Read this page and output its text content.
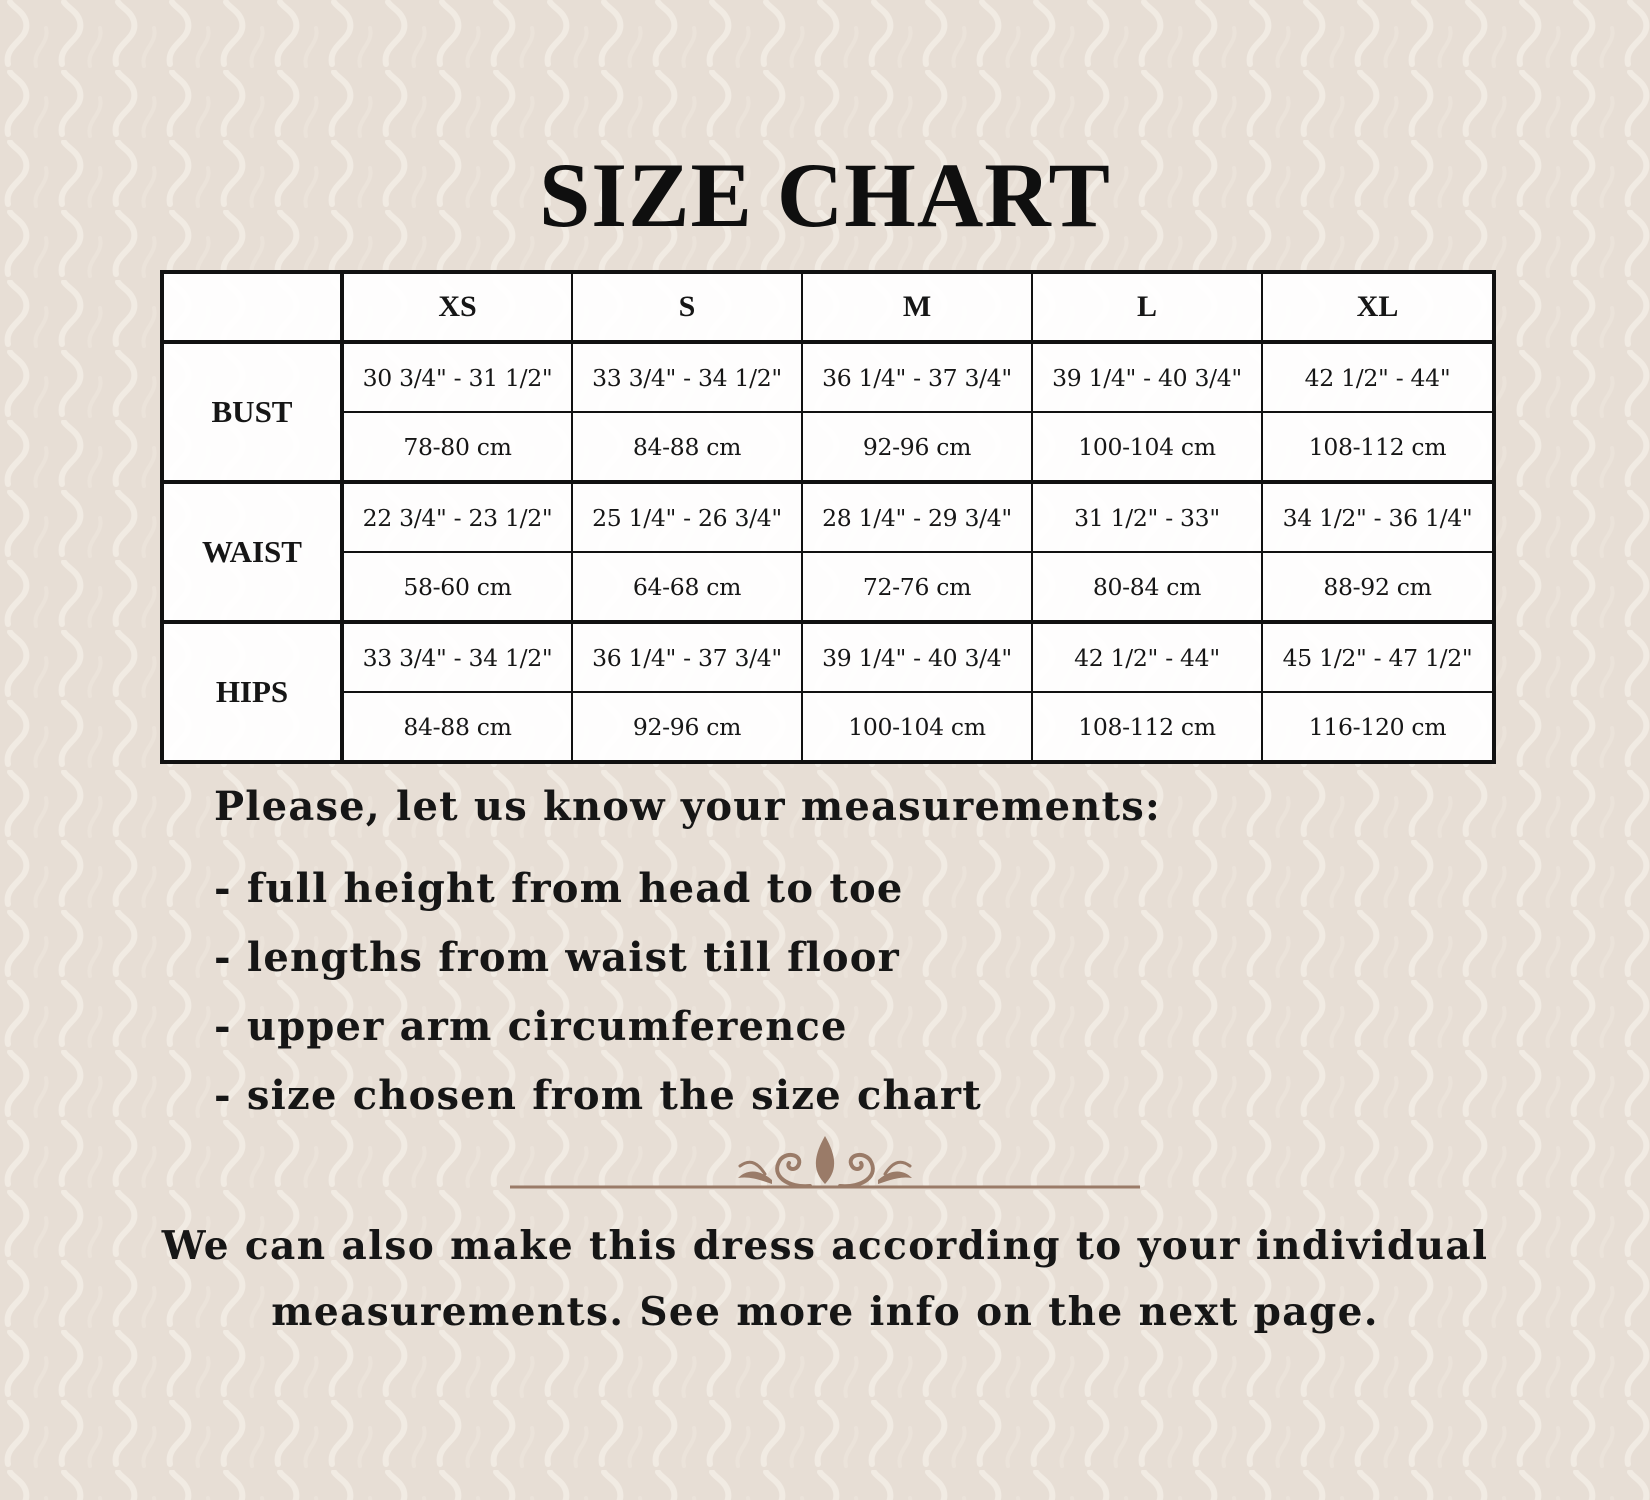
SIZE CHART
	XS	S	M	L	XL
BUST	30 3/4" - 31 1/2"	33 3/4" - 34 1/2"	36 1/4" - 37 3/4"	39 1/4" - 40 3/4"	42 1/2" - 44"
	78-80 cm	84-88 cm	92-96 cm	100-104 cm	108-112 cm
WAIST	22 3/4" - 23 1/2"	25 1/4" - 26 3/4"	28 1/4" - 29 3/4"	31 1/2" - 33"	34 1/2" - 36 1/4"
	58-60 cm	64-68 cm	72-76 cm	80-84 cm	88-92 cm
HIPS	33 3/4" - 34 1/2"	36 1/4" - 37 3/4"	39 1/4" - 40 3/4"	42 1/2" - 44"	45 1/2" - 47 1/2"
	84-88 cm	92-96 cm	100-104 cm	108-112 cm	116-120 cm
Please, let us know your measurements:
- full height from head to toe
- lengths from waist till floor
- upper arm circumference
- size chosen from the size chart
We can also make this dress according to your individual
measurements. See more info on the next page.
